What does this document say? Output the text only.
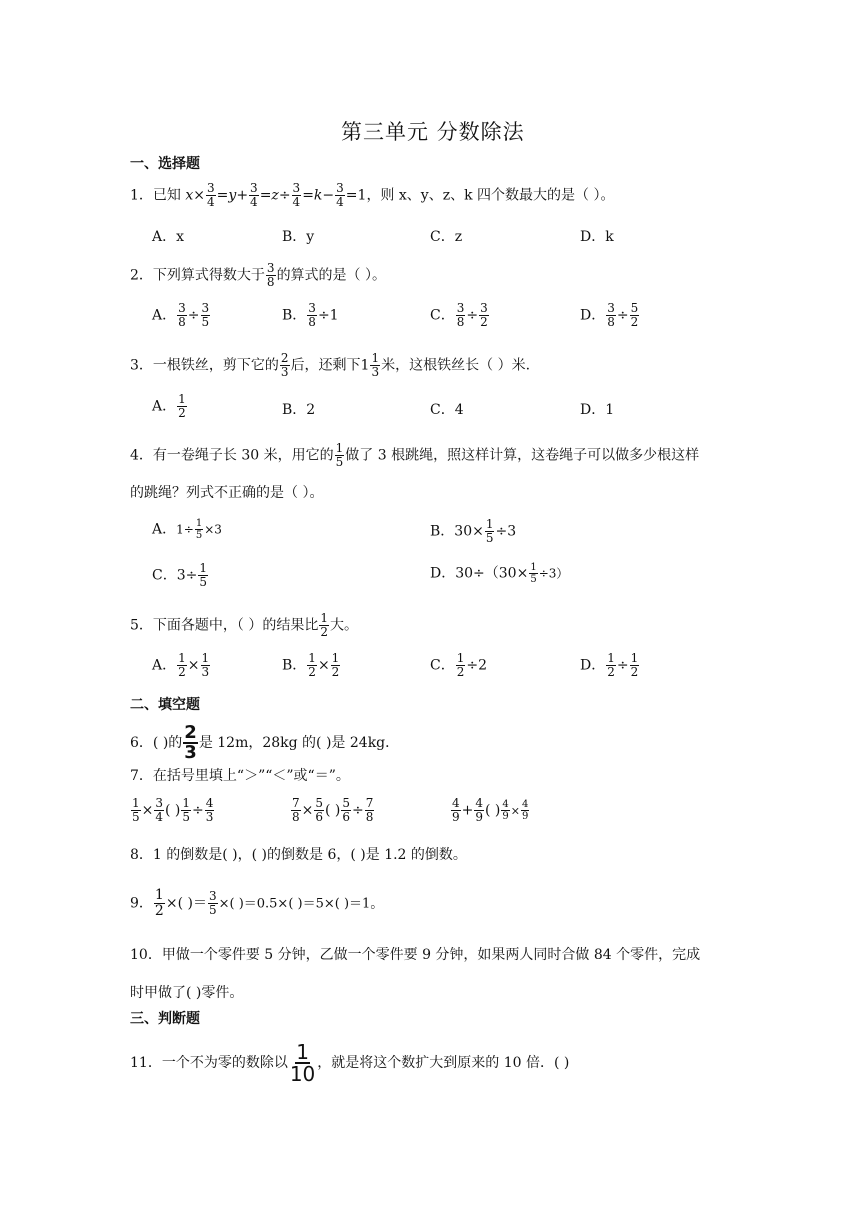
第三单元 分数除法
一、选择题
1．已知 $x\times \frac{3}{4} =y+ \frac{3}{4} =z\div \frac{3}{4} =k- \frac{3}{4} =1$，则 x、y、z、k 四个数最大的是（ ）。
A．x	B．y	C．z	D．k
2．下列算式得数大于 $\frac{3}{8}$ 的算式的是（ ）。
A． $\frac{3}{8} \div \frac{3}{5}$	B． $\frac{3}{8} \div 1$	C． $\frac{3}{8} \div \frac{3}{2}$	D． $\frac{3}{8} \div \frac{5}{2}$
3．一根铁丝，剪下它的 $\frac{2}{3}$ 后，还剩下$1 \frac{1}{3}$ 米，这根铁丝长（ ）米.
A． $\frac{1}{2}$	B．2	C．4	D．1
4．有一卷绳子长 30 米，用它的 $\frac{1}{5}$ 做了 3 根跳绳，照这样计算，这卷绳子可以做多少根这样
的跳绳？列式不正确的是（ ）。
A．$1\div \frac{1}{5} \times 3$	B．$30\times \frac{1}{5} \div 3$
C．$3\div \frac{1}{5}$	D．$30\div(30\times \frac{1}{5} \div 3)$
5．下面各题中，（ ）的结果比 $\frac{1}{2}$ 大。
A． $\frac{1}{2} \times \frac{1}{3}$	B． $\frac{1}{2} \times \frac{1}{2}$	C． $\frac{1}{2} \div 2$	D． $\frac{1}{2} \div \frac{1}{2}$
二、填空题
6．( )的 $\frac{2}{3}$ 是 12m，28kg 的( )是 24kg．
7．在括号里填上“＞”“＜”或“＝”。
$\frac{1}{5} \times \frac{3}{4}$ ( ) $\frac{1}{5} \div \frac{4}{3}$	$\frac{7}{8} \times \frac{5}{6}$ ( ) $\frac{5}{6} \div \frac{7}{8}$	$\frac{4}{9} + \frac{4}{9}$ ( ) $\frac{4}{9} \times \frac{4}{9}$
8．1 的倒数是( )，( )的倒数是 6，( )是 1.2 的倒数。
9． $\frac{1}{2}$ ×( )＝ $\frac{3}{5}$ ×( )＝0.5×( )＝5×( )＝1。
10．甲做一个零件要 5 分钟，乙做一个零件要 9 分钟，如果两人同时合做 84 个零件，完成
时甲做了( )零件。
三、判断题
11．一个不为零的数除以 $\frac{1}{10}$ ，就是将这个数扩大到原来的 10 倍．( )
